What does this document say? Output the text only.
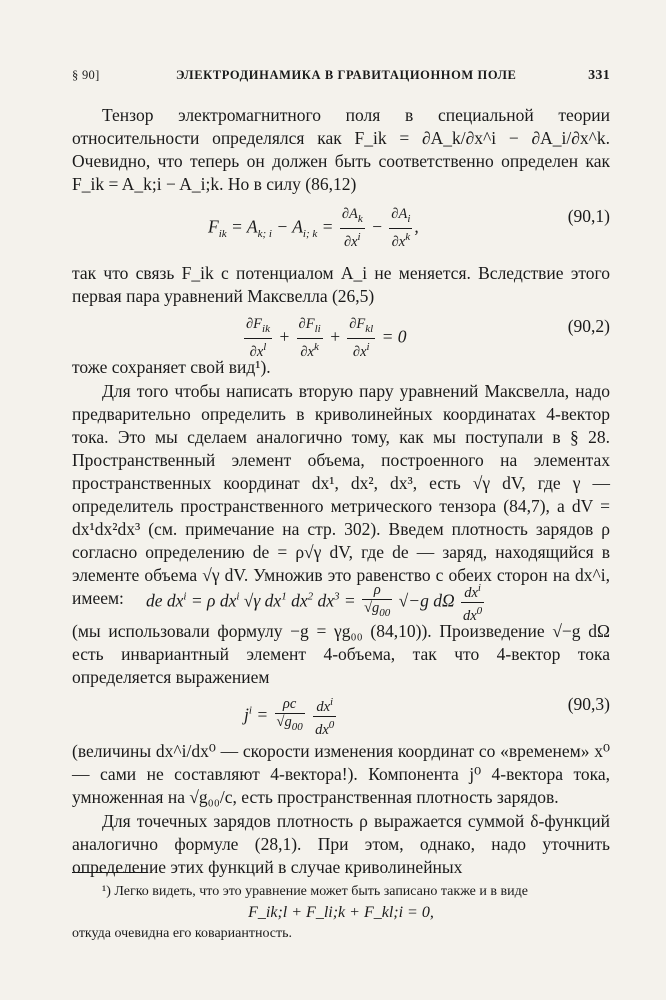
§ 90]	ЭЛЕКТРОДИНАМИКА В ГРАВИТАЦИОННОМ ПОЛЕ	331

Тензор электромагнитного поля в специальной теории относительности определялся как F_ik = ∂A_k/∂x^i − ∂A_i/∂x^k. Очевидно, что теперь он должен быть соответственно определен как F_ik = A_k;i − A_i;k. Но в силу (86,12)

$F_{ik} = A_{k; i} - A_{i; k} = \frac{\partial A_k}{\partial x^i} - \frac{\partial A_i}{\partial x^k}$ ,
(90,1)

так что связь F_ik с потенциалом A_i не меняется. Вследствие этого первая пара уравнений Максвелла (26,5)

$\frac{\partial F_{ik}}{\partial x^l} + \frac{\partial F_{li}}{\partial x^k} + \frac{\partial F_{kl}}{\partial x^i} = 0$
(90,2)

тоже сохраняет свой вид¹).

Для того чтобы написать вторую пару уравнений Максвелла, надо предварительно определить в криволинейных координатах 4-вектор тока. Это мы сделаем аналогично тому, как мы поступали в § 28. Пространственный элемент объема, построенного на элементах пространственных координат dx¹, dx², dx³, есть √γ dV, где γ — определитель пространственного метрического тензора (84,7), а dV = dx¹dx²dx³ (см. примечание на стр. 302). Введем плотность зарядов ρ согласно определению de = ρ√γ dV, где de — заряд, находящийся в элементе объема √γ dV. Умножив это равенство с обеих сторон на dx^i, имеем:	de $dx^i = \rho$ $dx^i$ √γ $dx^1$ $dx^2$ $dx^3 = \frac{\rho}{√g_{00}} √-g$ dΩ $\frac{dx^i}{dx^0}$

(мы использовали формулу −g = γg₀₀ (84,10)). Произведение √−g dΩ есть инвариантный элемент 4-объема, так что 4-вектор тока определяется выражением

$j^i = \frac{\rho c}{√g_{00}}$
$\frac{dx^i}{dx^0}$	(90,3)

(величины dx^i/dx⁰ — скорости изменения координат со «временем» x⁰ — сами не составляют 4-вектора!). Компонента j⁰ 4-вектора тока, умноженная на √g₀₀/c, есть пространственная плотность зарядов.

Для точечных зарядов плотность ρ выражается суммой δ-функций аналогично формуле (28,1). При этом, однако, надо уточнить определение этих функций в случае криволинейных

¹) Легко видеть, что это уравнение может быть записано также и в виде
F_ik;l + F_li;k + F_kl;i = 0,
откуда очевидна его ковариантность.
